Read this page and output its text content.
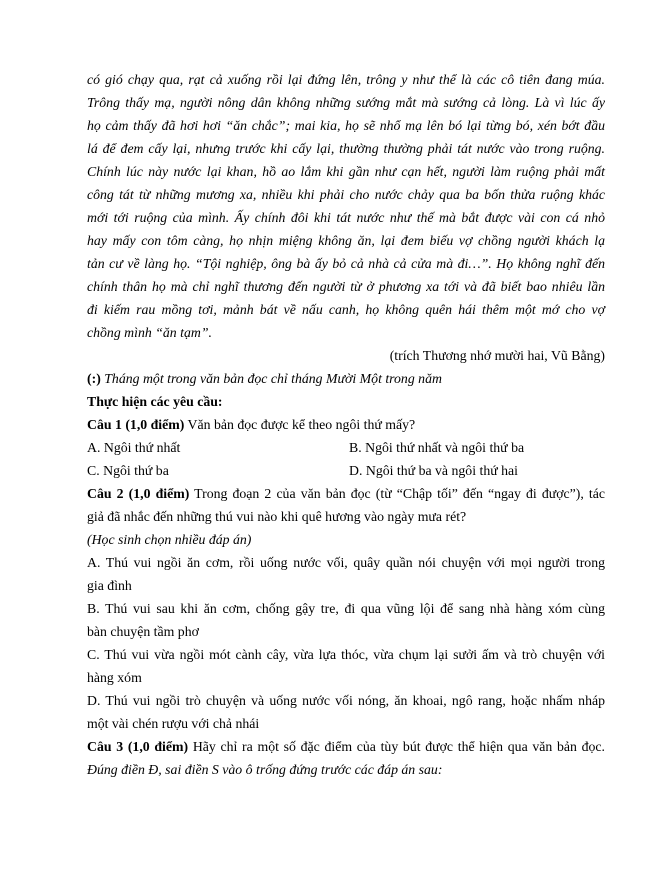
có gió chạy qua, rạt cả xuống rồi lại đứng lên, trông y như thể là các cô tiên đang múa.
Trông thấy mạ, người nông dân không những sướng mắt mà sướng cả lòng. Là vì lúc ấy
họ cảm thấy đã hơi hơi “ăn chắc”; mai kia, họ sẽ nhổ mạ lên bó lại từng bó, xén bớt đầu
lá để đem cấy lại, nhưng trước khi cấy lại, thường thường phải tát nước vào trong ruộng.
Chính lúc này nước lại khan, hồ ao lắm khi gần như cạn hết, người làm ruộng phải mất
công tát từ những mương xa, nhiều khi phải cho nước chảy qua ba bốn thửa ruộng khác
mới tới ruộng của mình. Ấy chính đôi khi tát nước như thế mà bắt được vài con cá nhỏ
hay mấy con tôm càng, họ nhịn miệng không ăn, lại đem biếu vợ chồng người khách lạ
tản cư về làng họ. “Tội nghiệp, ông bà ấy bỏ cả nhà cả cửa mà đi…”. Họ không nghĩ đến
chính thân họ mà chỉ nghĩ thương đến người từ ở phương xa tới và đã biết bao nhiêu lần
đi kiếm rau mồng tơi, mảnh bát về nấu canh, họ không quên hái thêm một mớ cho vợ
chồng mình “ăn tạm”.
(trích Thương nhớ mười hai, Vũ Bằng)
(:) Tháng một trong văn bản đọc chỉ tháng Mười Một trong năm
Thực hiện các yêu cầu:
Câu 1 (1,0 điểm) Văn bản đọc được kể theo ngôi thứ mấy?
A. Ngôi thứ nhất	B. Ngôi thứ nhất và ngôi thứ ba
C. Ngôi thứ ba	D. Ngôi thứ ba và ngôi thứ hai
Câu 2 (1,0 điểm) Trong đoạn 2 của văn bản đọc (từ “Chập tối” đến “ngay đi được”), tác
giả đã nhắc đến những thú vui nào khi quê hương vào ngày mưa rét?
(Học sinh chọn nhiều đáp án)
A. Thú vui ngồi ăn cơm, rồi uống nước vối, quây quần nói chuyện với mọi người trong
gia đình
B. Thú vui sau khi ăn cơm, chống gậy tre, đi qua vũng lội để sang nhà hàng xóm cùng
bàn chuyện tầm phơ
C. Thú vui vừa ngồi mót cành cây, vừa lựa thóc, vừa chụm lại sưởi ấm và trò chuyện với
hàng xóm
D. Thú vui ngồi trò chuyện và uống nước vối nóng, ăn khoai, ngô rang, hoặc nhấm nháp
một vài chén rượu với chả nhái
Câu 3 (1,0 điểm) Hãy chỉ ra một số đặc điểm của tùy bút được thể hiện qua văn bản đọc.
Đúng điền Đ, sai điền S vào ô trống đứng trước các đáp án sau:
